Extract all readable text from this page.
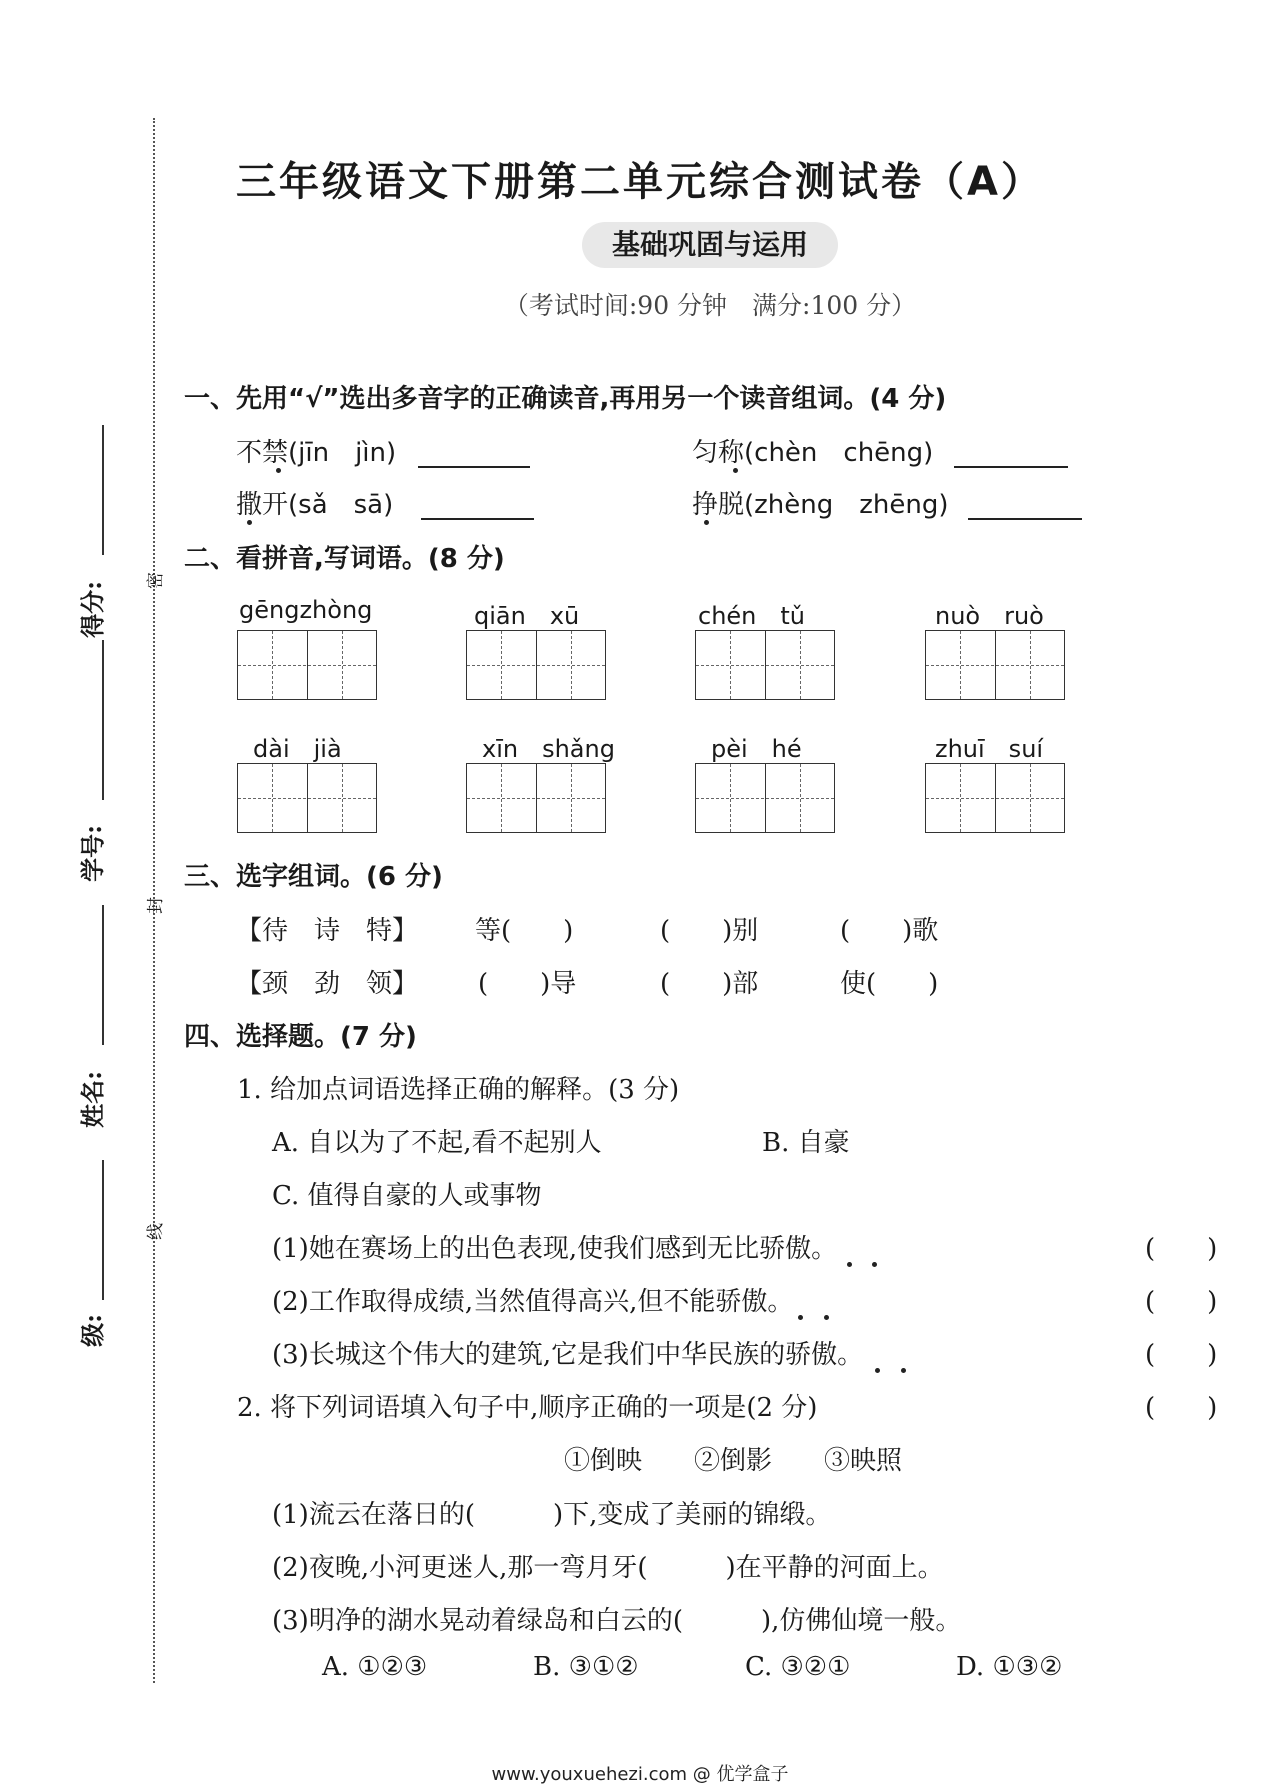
密
封
线
得分:
学号:
姓名:
级:
三年级语文下册第二单元综合测试卷（A）
基础巩固与运用
（考试时间:90 分钟　满分:100 分）
一、先用“√”选出多音字的正确读音,再用另一个读音组词。(4 分)
不禁(jīn　jìn)	匀称(chèn　chēng)
撒开(sǎ　sā)	挣脱(zhèng　zhēng)
二、看拼音,写词语。(8 分)
gēngzhòng	qiān　xū	chén　tǔ	nuò　ruò
dài　jià	xīn　shǎng	pèi　hé	zhuī　suí
三、选字组词。(6 分)
【待　诗　特】 等(　　)	(　　)别	(　　)歌
【颈　劲　领】 (　　)导	(　　)部	使(　　)
四、选择题。(7 分)
1. 给加点词语选择正确的解释。(3 分)
A. 自以为了不起,看不起别人	B. 自豪
C. 值得自豪的人或事物
(1)她在赛场上的出色表现,使我们感到无比骄傲。	(　　)
(2)工作取得成绩,当然值得高兴,但不能骄傲。	(　　)
(3)长城这个伟大的建筑,它是我们中华民族的骄傲。	(　　)
2. 将下列词语填入句子中,顺序正确的一项是(2 分)	(　　)
①倒映　　②倒影　　③映照
(1)流云在落日的(　　　)下,变成了美丽的锦缎。
(2)夜晚,小河更迷人,那一弯月牙(　　　)在平静的河面上。
(3)明净的湖水晃动着绿岛和白云的(　　　),仿佛仙境一般。
A. ①②③	B. ③①②	C. ③②①	D. ①③②
www.youxuehezi.com @ 优学盒子
